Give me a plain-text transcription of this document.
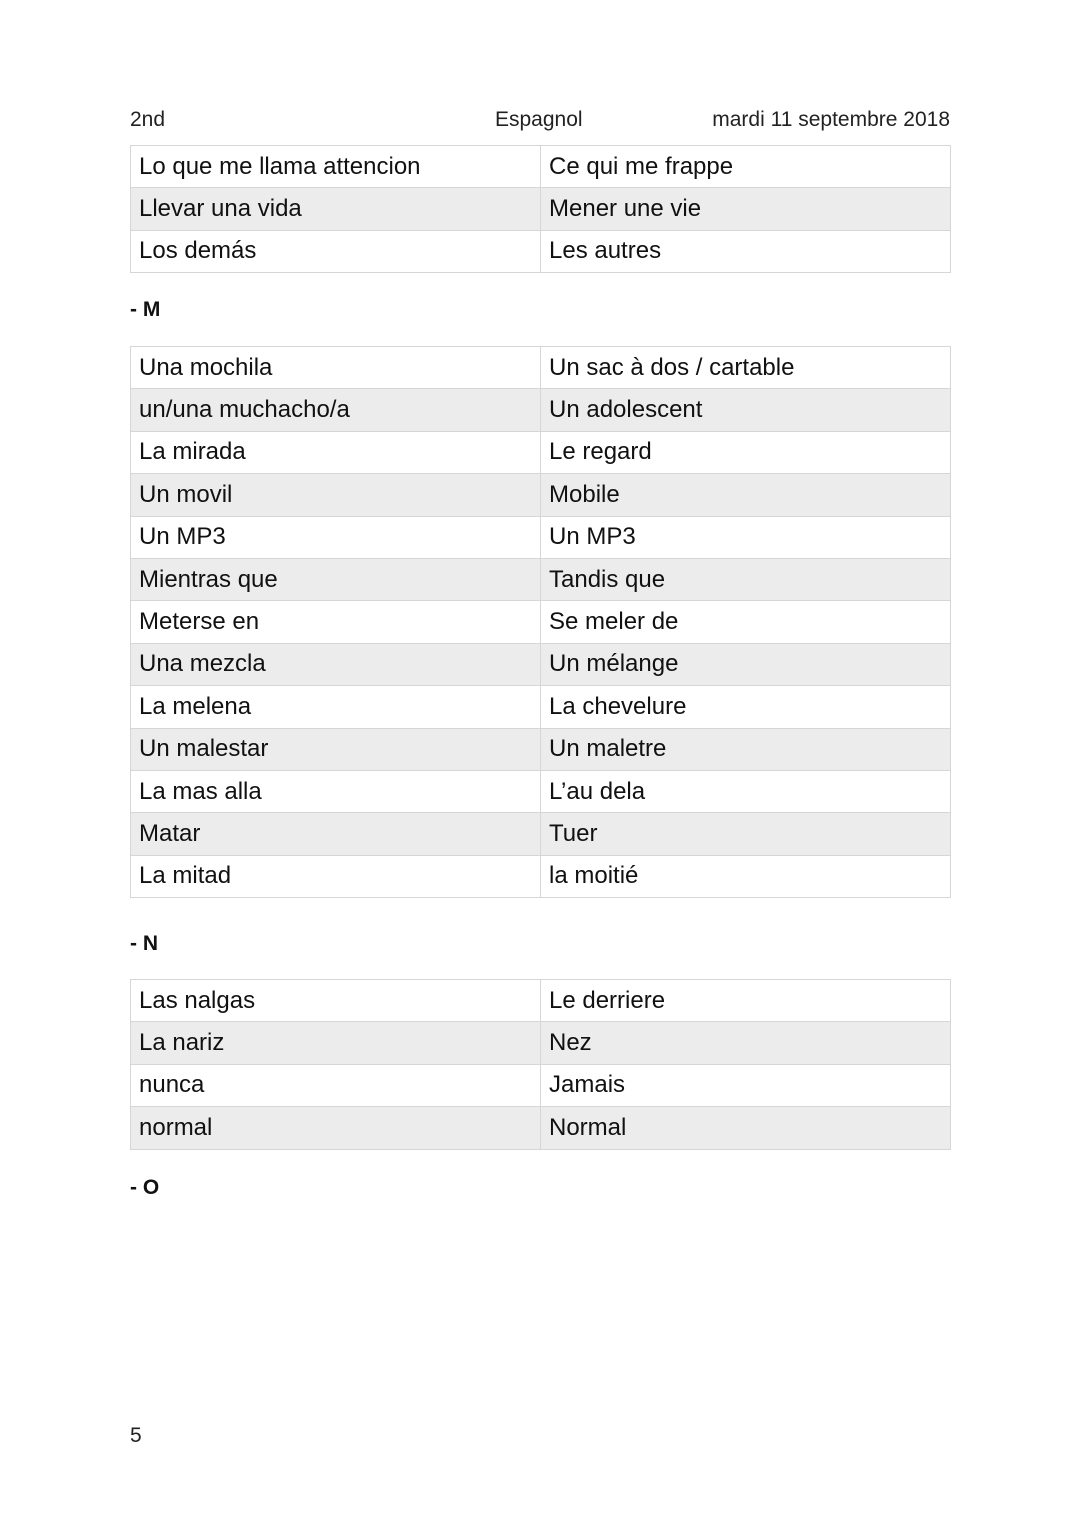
2nd	Espagnol	mardi 11 septembre 2018
Lo que me llama attencion	Ce qui me frappe
Llevar una vida	Mener une vie
Los demás	Les autres
- M
Una mochila	Un sac à dos / cartable
un/una muchacho/a	Un adolescent
La mirada	Le regard
Un movil	Mobile
Un MP3	Un MP3
Mientras que	Tandis que
Meterse en	Se meler de
Una mezcla	Un mélange
La melena	La chevelure
Un malestar	Un maletre
La mas alla	L’au dela
Matar	Tuer
La mitad	la moitié
- N
Las nalgas	Le derriere
La nariz	Nez
nunca	Jamais
normal	Normal
- O
5
